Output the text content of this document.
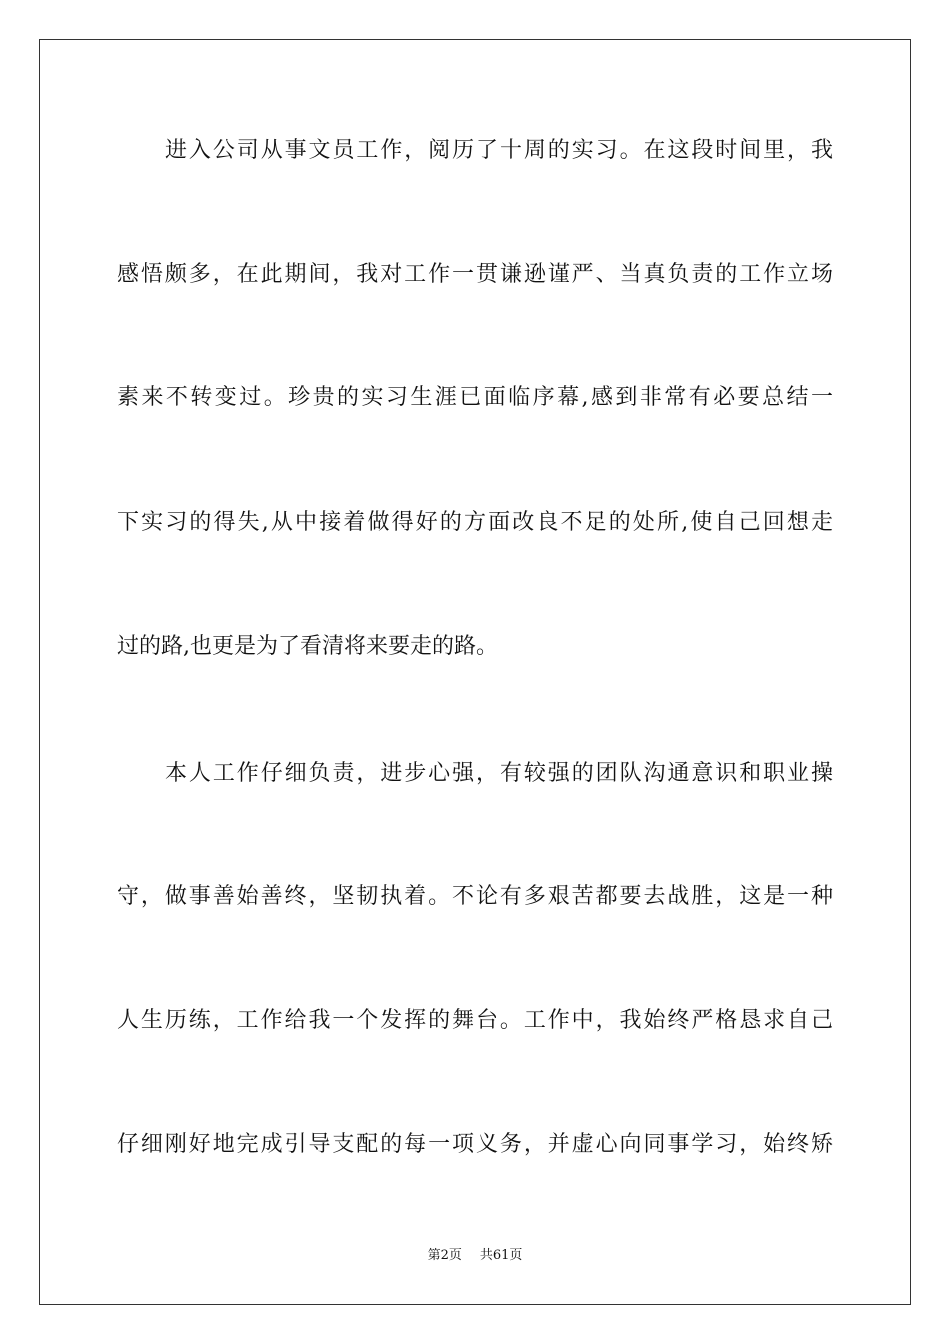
进入公司从事文员工作，阅历了十周的实习。在这段时间里，我
感悟颇多，在此期间，我对工作一贯谦逊谨严、当真负责的工作立场
素来不转变过。珍贵的实习生涯已面临序幕,感到非常有必要总结一
下实习的得失,从中接着做得好的方面改良不足的处所,使自己回想走
过的路,也更是为了看清将来要走的路。
本人工作仔细负责，进步心强，有较强的团队沟通意识和职业操
守，做事善始善终，坚韧执着。不论有多艰苦都要去战胜，这是一种
人生历练，工作给我一个发挥的舞台。工作中，我始终严格恳求自己
仔细刚好地完成引导支配的每一项义务，并虚心向同事学习，始终矫
第2页 共61页
